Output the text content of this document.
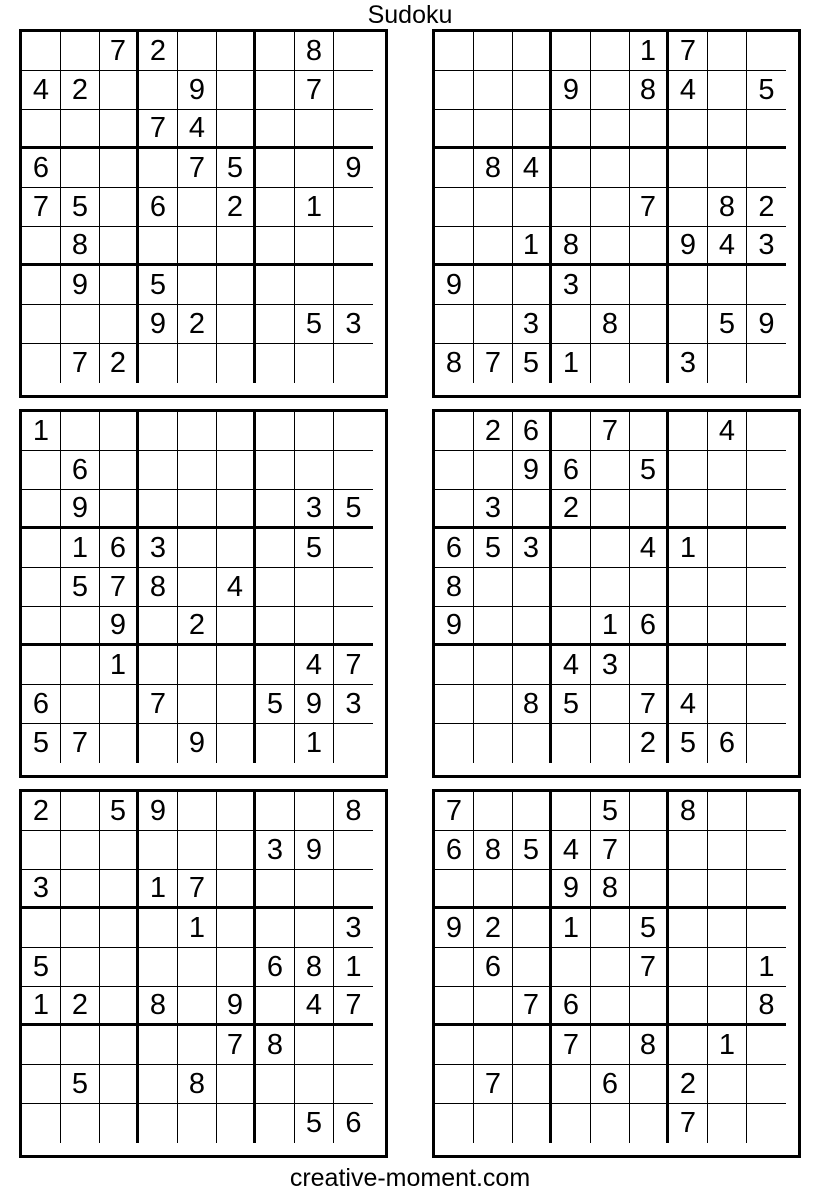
Sudoku
7 2	8
4 2	9	7
7 4
6	7 5	9
7 5	6	2	1
8
9	5
9 2	5 3
7 2
1 7
9	8 4	5
8 4
7	8 2
1 8	9 4 3
9	3
3	8	5 9
8 7 5 1	3
1
6
9	3 5
1 6 3	5
5 7 8	4
9	2
1	4 7
6	7	5 9 3
5 7	9	1
2 6	7	4
9 6	5
3	2
6 5 3	4 1
8
9	1 6
4 3
8 5	7 4
2 5 6
2	5 9	8
3 9
3	1 7
1	3
5	6 8 1
1 2	8	9	4 7
7 8
5	8
5 6
7	5	8
6 8 5 4 7
9 8
9 2	1	5
6	7	1
7 6	8
7	8	1
7	6	2
7
creative-moment.com
